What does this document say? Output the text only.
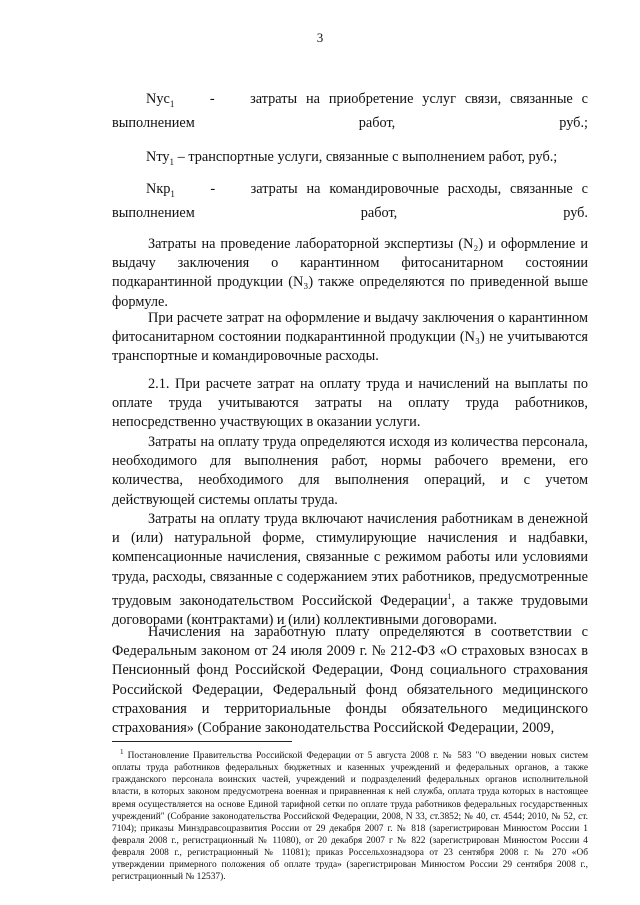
3
Nус$_1$    -    затраты на приобретение услуг связи, связанные с выполнением работ, руб.;
Nту$_1$ – транспортные услуги, связанные с выполнением работ, руб.;
Nкр$_1$    -    затраты на командировочные расходы, связанные с выполнением работ, руб.

Затраты на проведение лабораторной экспертизы (N₂) и оформление и выдачу заключения о карантинном фитосанитарном состоянии подкарантинной продукции (N₃) также определяются по приведенной выше формуле.

При расчете затрат на оформление и выдачу заключения о карантинном фитосанитарном состоянии подкарантинной продукции (N₃) не учитываются транспортные и командировочные расходы.

2.1. При расчете затрат на оплату труда и начислений на выплаты по оплате труда учитываются затраты на оплату труда работников, непосредственно участвующих в оказании услуги.

Затраты на оплату труда определяются исходя из количества персонала, необходимого для выполнения работ, нормы рабочего времени, его количества, необходимого для выполнения операций, и с учетом действующей системы оплаты труда.

Затраты на оплату труда включают начисления работникам в денежной и (или) натуральной форме, стимулирующие начисления и надбавки, компенсационные начисления, связанные с режимом работы или условиями труда, расходы, связанные с содержанием этих работников, предусмотренные трудовым законодательством Российской Федерации$^1$, а также трудовыми договорами (контрактами) и (или) коллективными договорами.

Начисления на заработную плату определяются в соответствии с Федеральным законом от 24 июля 2009 г. № 212-ФЗ «О страховых взносах в Пенсионный фонд Российской Федерации, Фонд социального страхования Российской Федерации, Федеральный фонд обязательного медицинского страхования и территориальные фонды обязательного медицинского страхования» (Собрание законодательства Российской Федерации, 2009,

$^1$ Постановление Правительства Российской Федерации от 5 августа 2008 г. № 583 "О введении новых систем оплаты труда работников федеральных бюджетных и казенных учреждений и федеральных органов, а также гражданского персонала воинских частей, учреждений и подразделений федеральных органов исполнительной власти, в которых законом предусмотрена военная и приравненная к ней служба, оплата труда которых в настоящее время осуществляется на основе Единой тарифной сетки по оплате труда работников федеральных государственных учреждений" (Собрание законодательства Российской Федерации, 2008, N 33, ст.3852; № 40, ст. 4544; 2010, № 52, ст. 7104); приказы Минздравсоцразвития России от 29 декабря 2007 г. № 818 (зарегистрирован Минюстом России 1 февраля 2008 г., регистрационный № 11080), от 20 декабря 2007 г № 822 (зарегистрирован Минюстом России 4 февраля 2008 г., регистрационный № 11081); приказ Россельхознадзора от 23 сентября 2008 г. № 270 «Об утверждении примерного положения об оплате труда» (зарегистрирован Минюстом России 29 сентября 2008 г., регистрационный № 12537).
